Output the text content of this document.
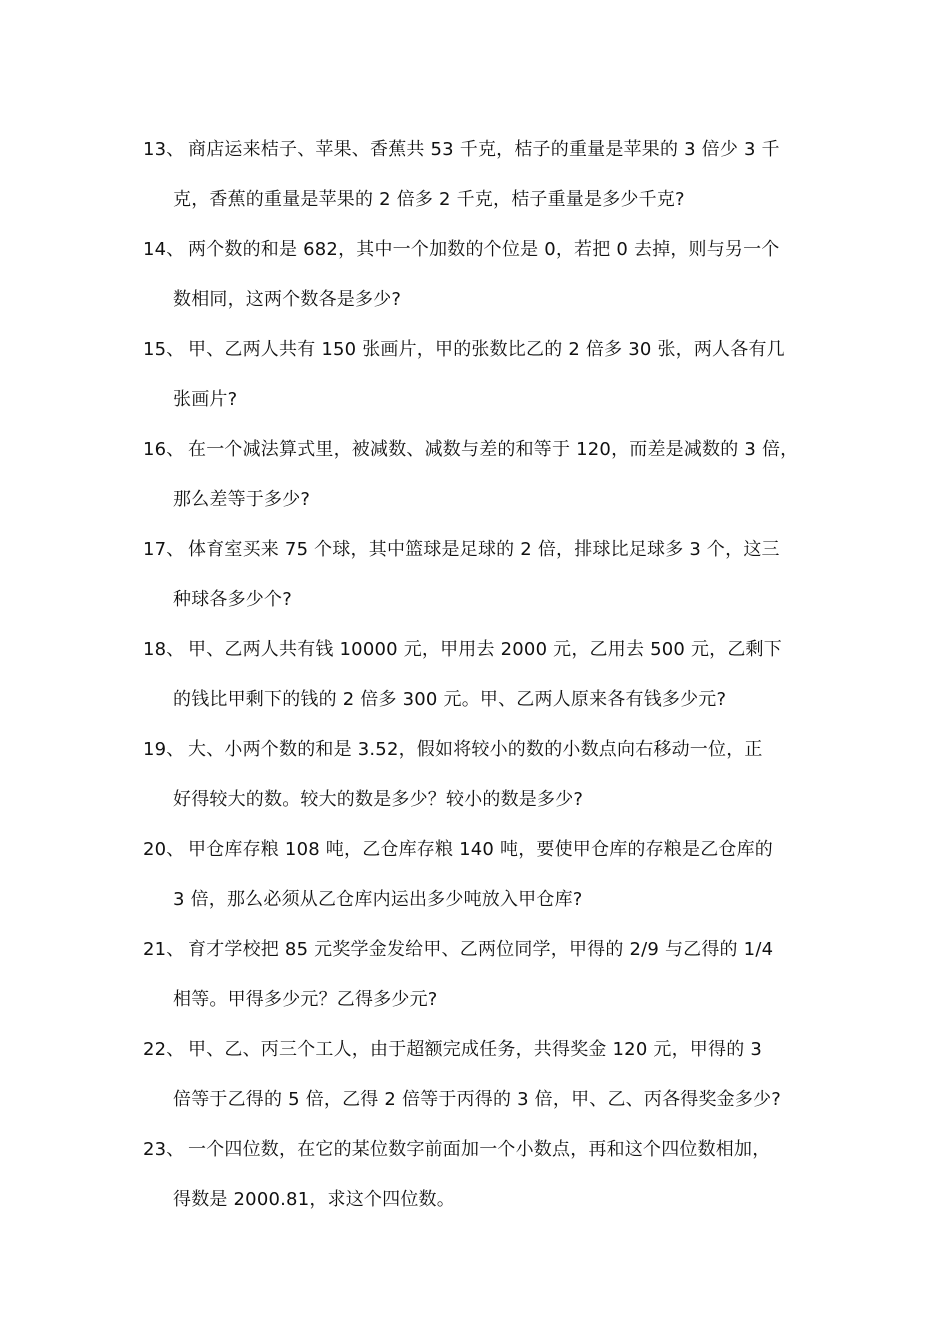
13、 商店运来桔子、苹果、香蕉共 53 千克，桔子的重量是苹果的 3 倍少 3 千
克，香蕉的重量是苹果的 2 倍多 2 千克，桔子重量是多少千克?
14、 两个数的和是 682，其中一个加数的个位是 0，若把 0 去掉，则与另一个
数相同，这两个数各是多少?
15、 甲、乙两人共有 150 张画片，甲的张数比乙的 2 倍多 30 张，两人各有几
张画片?
16、 在一个减法算式里，被减数、减数与差的和等于 120，而差是减数的 3 倍，
那么差等于多少?
17、 体育室买来 75 个球，其中篮球是足球的 2 倍，排球比足球多 3 个，这三
种球各多少个?
18、 甲、乙两人共有钱 10000 元，甲用去 2000 元，乙用去 500 元，乙剩下
的钱比甲剩下的钱的 2 倍多 300 元。甲、乙两人原来各有钱多少元?
19、 大、小两个数的和是 3.52，假如将较小的数的小数点向右移动一位，正
好得较大的数。较大的数是多少？较小的数是多少?
20、 甲仓库存粮 108 吨，乙仓库存粮 140 吨，要使甲仓库的存粮是乙仓库的
3 倍，那么必须从乙仓库内运出多少吨放入甲仓库?
21、 育才学校把 85 元奖学金发给甲、乙两位同学，甲得的 2/9 与乙得的 1/4
相等。甲得多少元？乙得多少元?
22、 甲、乙、丙三个工人，由于超额完成任务，共得奖金 120 元，甲得的 3
倍等于乙得的 5 倍，乙得 2 倍等于丙得的 3 倍，甲、乙、丙各得奖金多少?
23、 一个四位数，在它的某位数字前面加一个小数点，再和这个四位数相加，
得数是 2000.81，求这个四位数。
